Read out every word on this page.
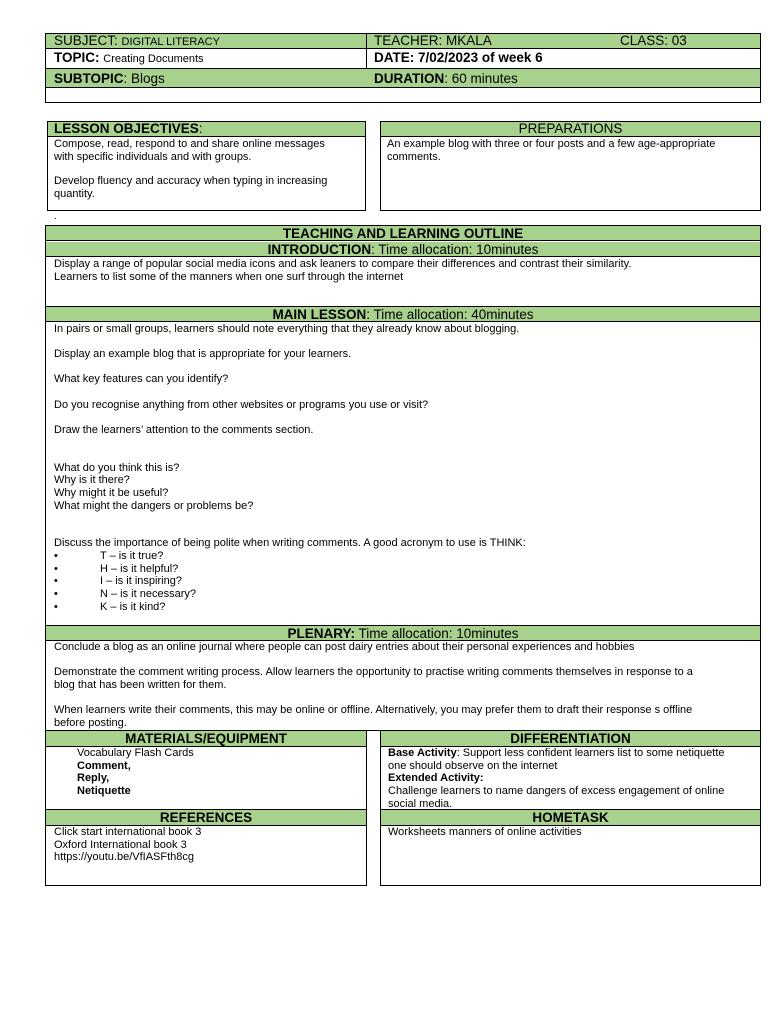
SUBJECT: DIGITAL LITERACY	TEACHER: MKALA	CLASS: 03
TOPIC: Creating Documents	DATE: 7/02/2023 of week 6
SUBTOPIC: Blogs	DURATION: 60 minutes
LESSON OBJECTIVES:
Compose, read, respond to and share online messages
with specific individuals and with groups.
Develop fluency and accuracy when typing in increasing
quantity.
PREPARATIONS
An example blog with three or four posts and a few age-appropriate
comments.
.
TEACHING AND LEARNING OUTLINE
INTRODUCTION: Time allocation: 10minutes
Display a range of popular social media icons and ask leaners to compare their differences and contrast their similarity.
Learners to list some of the manners when one surf through the internet
MAIN LESSON: Time allocation: 40minutes
In pairs or small groups, learners should note everything that they already know about blogging.
Display an example blog that is appropriate for your learners.
What key features can you identify?
Do you recognise anything from other websites or programs you use or visit?
Draw the learners’ attention to the comments section.
What do you think this is?
Why is it there?
Why might it be useful?
What might the dangers or problems be?
Discuss the importance of being polite when writing comments. A good acronym to use is THINK:
•	T – is it true?
•	H – is it helpful?
•	I – is it inspiring?
•	N – is it necessary?
•	K – is it kind?
PLENARY: Time allocation: 10minutes
Conclude a blog as an online journal where people can post dairy entries about their personal experiences and hobbies
Demonstrate the comment writing process. Allow learners the opportunity to practise writing comments themselves in response to a
blog that has been written for them.
When learners write their comments, this may be online or offline. Alternatively, you may prefer them to draft their response s offline
before posting.
MATERIALS/EQUIPMENT
Vocabulary Flash Cards
Comment,
Reply,
Netiquette
DIFFERENTIATION
Base Activity: Support less confident learners list to some netiquette
one should observe on the internet
Extended Activity:
Challenge learners to name dangers of excess engagement of online
social media.
REFERENCES
Click start international book 3
Oxford International book 3
https://youtu.be/VfIASFth8cg
HOMETASK
Worksheets manners of online activities
